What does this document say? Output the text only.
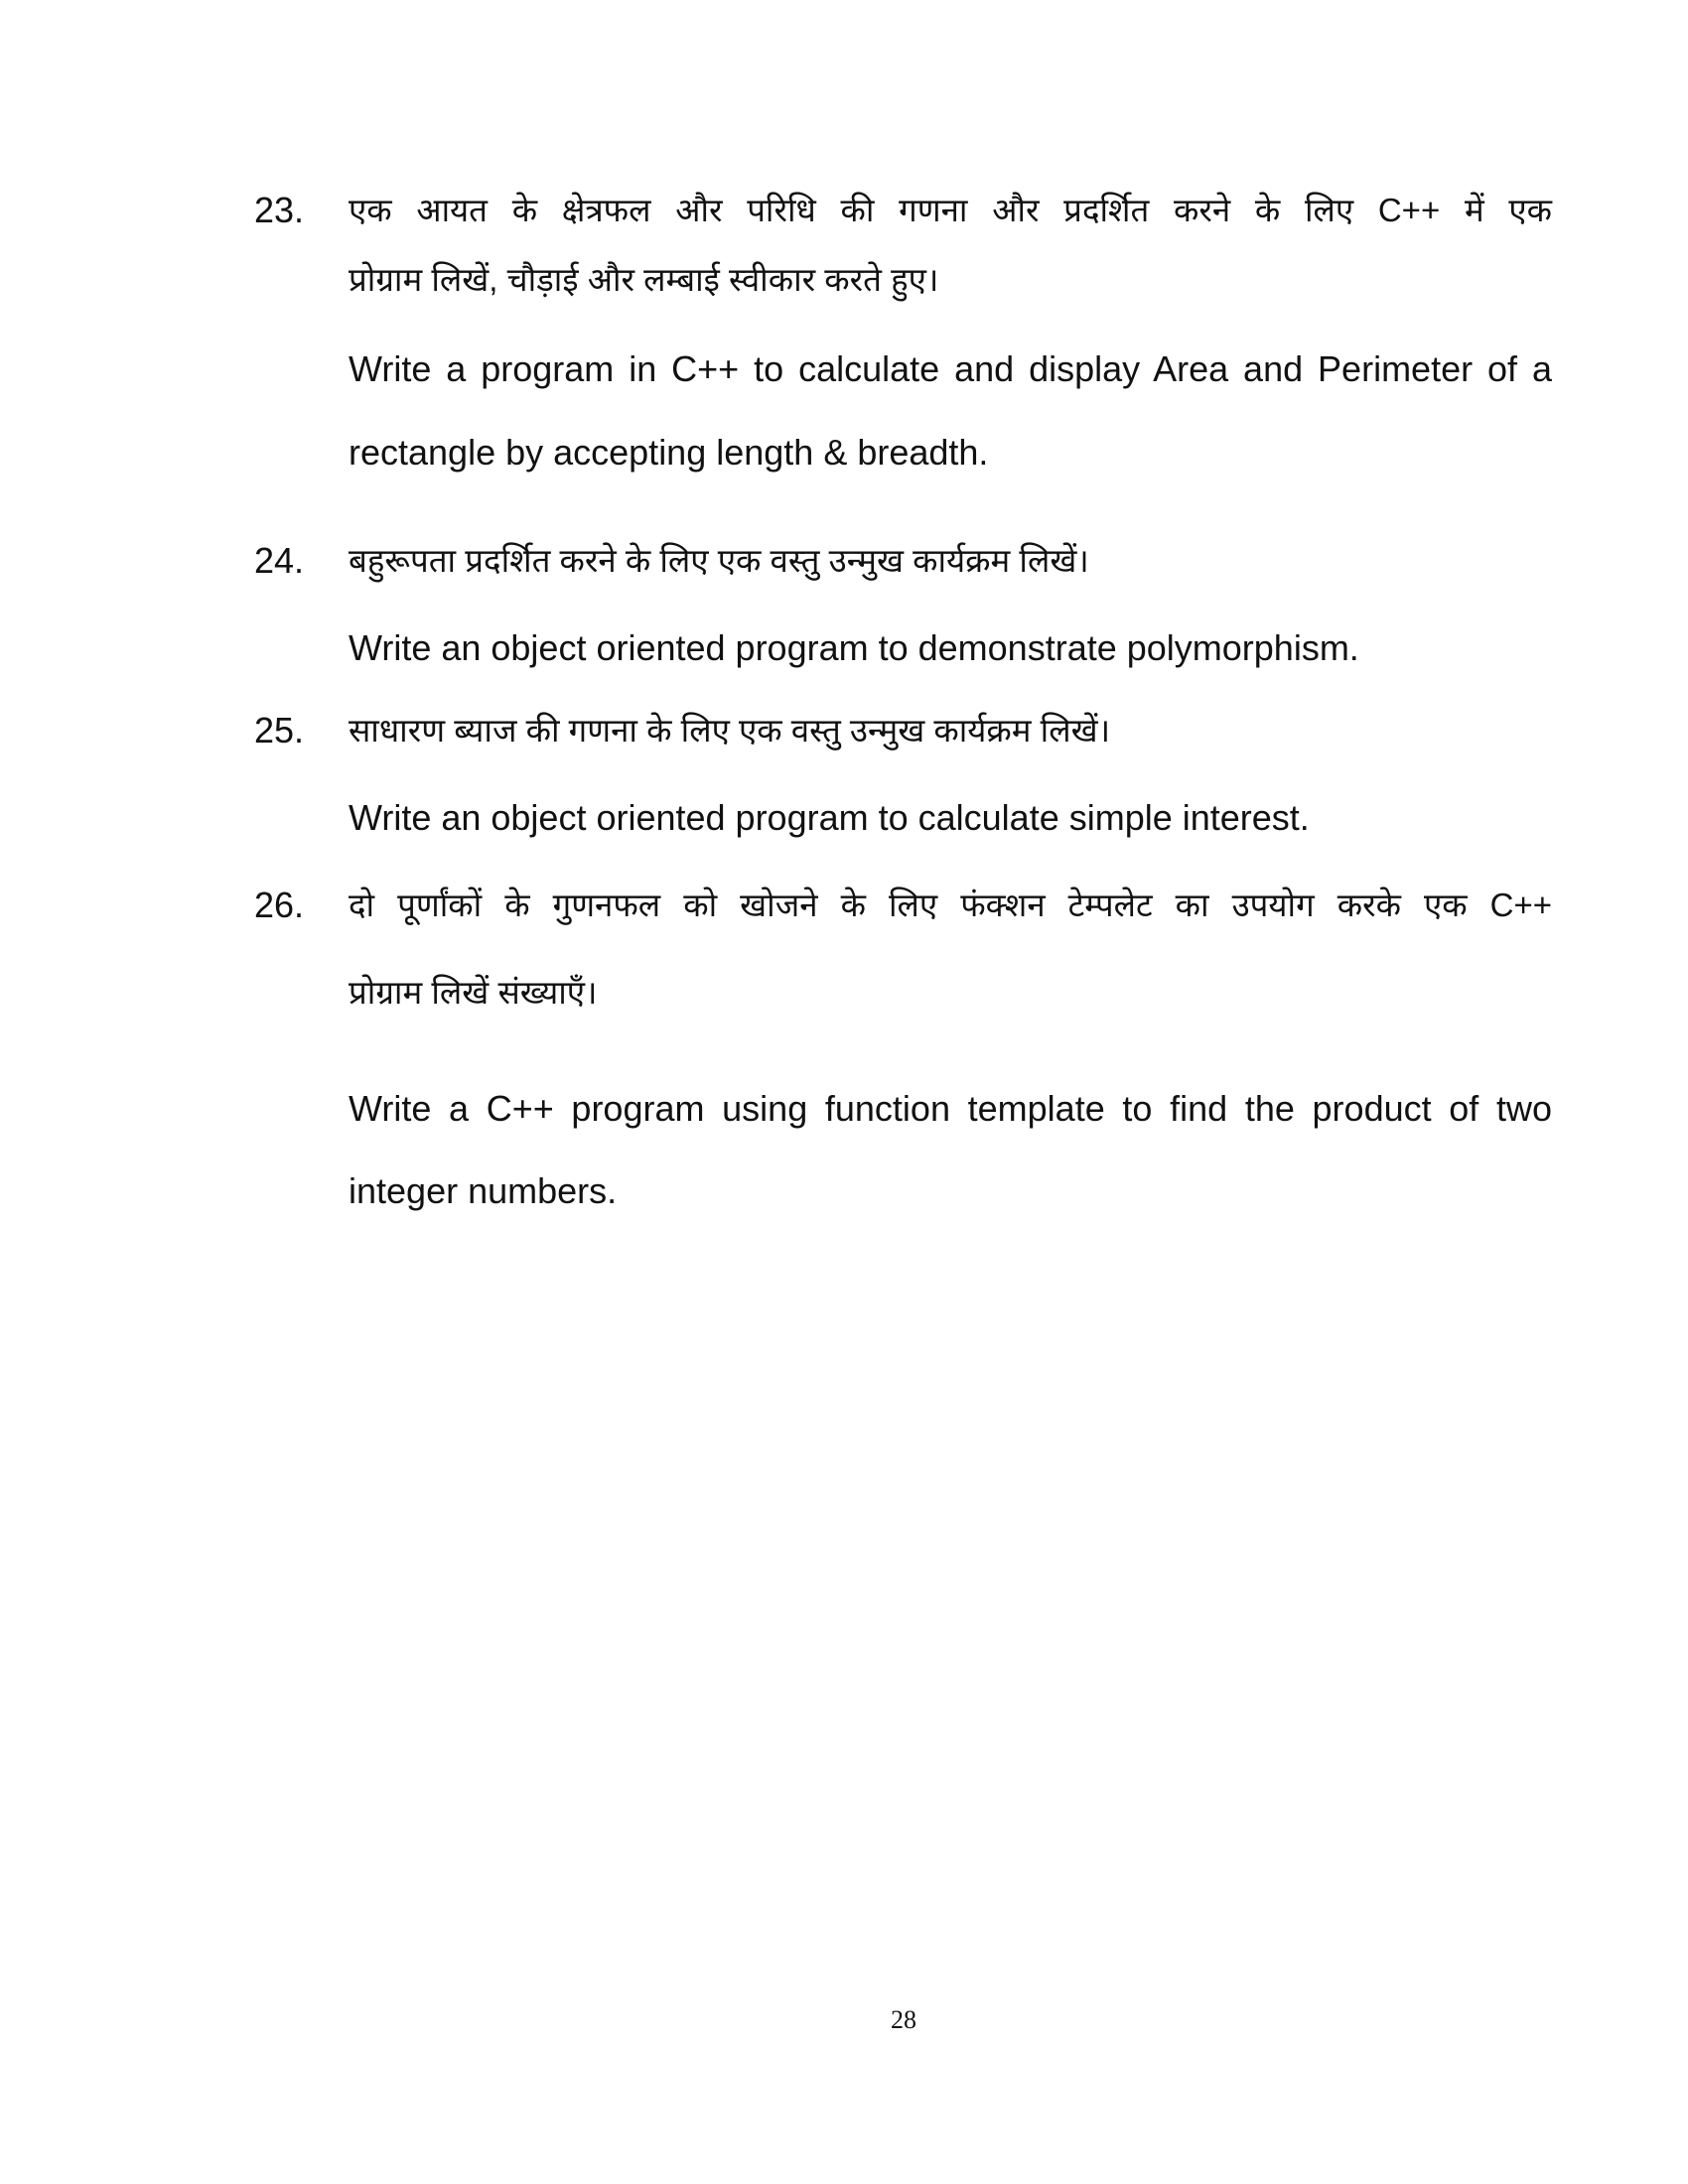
23. एक आयत के क्षेत्रफल और परिधि की गणना और प्रदर्शित करने के लिए C++ में एक
प्रोग्राम लिखें, चौड़ाई और लम्बाई स्वीकार करते हुए।
Write a program in C++ to calculate and display Area and Perimeter of a
rectangle by accepting length & breadth.
24. बहुरूपता प्रदर्शित करने के लिए एक वस्तु उन्मुख कार्यक्रम लिखें।
Write an object oriented program to demonstrate polymorphism.
25. साधारण ब्याज की गणना के लिए एक वस्तु उन्मुख कार्यक्रम लिखें।
Write an object oriented program to calculate simple interest.
26. दो पूर्णांकों के गुणनफल को खोजने के लिए फंक्शन टेम्पलेट का उपयोग करके एक C++
प्रोग्राम लिखें संख्याएँ।
Write a C++ program using function template to find the product of two
integer numbers.
28
